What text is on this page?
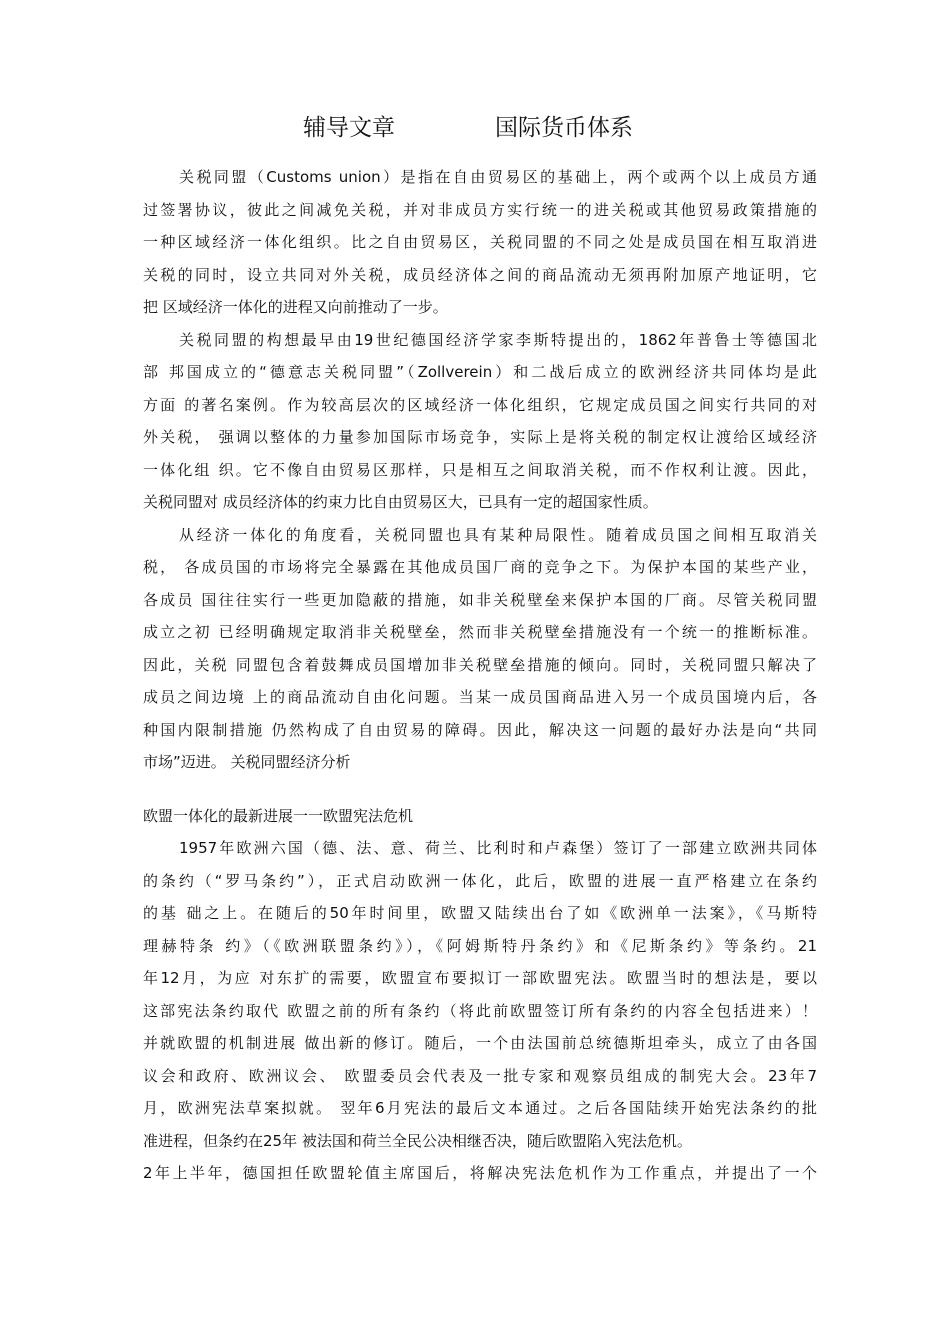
辅导文章	国际货币体系
关税同盟（Customs union）是指在自由贸易区的基础上，两个或两个以上成员方通
过签署协议，彼此之间减免关税，并对非成员方实行统一的进关税或其他贸易政策措施的
一种区域经济一体化组织。比之自由贸易区，关税同盟的不同之处是成员国在相互取消进
关税的同时，设立共同对外关税，成员经济体之间的商品流动无须再附加原产地证明，它
把 区域经济一体化的进程又向前推动了一步。
关税同盟的构想最早由19世纪德国经济学家李斯特提出的，1862年普鲁士等德国北
部 邦国成立的“德意志关税同盟”（Zollverein）和二战后成立的欧洲经济共同体均是此
方面 的著名案例。作为较高层次的区域经济一体化组织，它规定成员国之间实行共同的对
外关税， 强调以整体的力量参加国际市场竞争，实际上是将关税的制定权让渡给区域经济
一体化组 织。它不像自由贸易区那样，只是相互之间取消关税，而不作权利让渡。因此，
关税同盟对 成员经济体的约束力比自由贸易区大，已具有一定的超国家性质。
从经济一体化的角度看，关税同盟也具有某种局限性。随着成员国之间相互取消关
税， 各成员国的市场将完全暴露在其他成员国厂商的竞争之下。为保护本国的某些产业，
各成员 国往往实行一些更加隐蔽的措施，如非关税壁垒来保护本国的厂商。尽管关税同盟
成立之初 已经明确规定取消非关税壁垒，然而非关税壁垒措施没有一个统一的推断标准。
因此，关税 同盟包含着鼓舞成员国增加非关税壁垒措施的倾向。同时，关税同盟只解决了
成员之间边境 上的商品流动自由化问题。当某一成员国商品进入另一个成员国境内后，各
种国内限制措施 仍然构成了自由贸易的障碍。因此，解决这一问题的最好办法是向“共同
市场”迈进。 关税同盟经济分析
欧盟一体化的最新进展一一欧盟宪法危机
1957年欧洲六国（德、法、意、荷兰、比利时和卢森堡）签订了一部建立欧洲共同体
的条约（“罗马条约”），正式启动欧洲一体化，此后，欧盟的进展一直严格建立在条约
的基 础之上。在随后的50年时间里，欧盟又陆续出台了如《欧洲单一法案》，《马斯特
理赫特条 约》（《欧洲联盟条约》），《阿姆斯特丹条约》和《尼斯条约》等条约。21
年12月，为应 对东扩的需要，欧盟宣布要拟订一部欧盟宪法。欧盟当时的想法是，要以
这部宪法条约取代 欧盟之前的所有条约（将此前欧盟签订所有条约的内容全包括进来）！
并就欧盟的机制进展 做出新的修订。随后，一个由法国前总统德斯坦牵头，成立了由各国
议会和政府、欧洲议会、 欧盟委员会代表及一批专家和观察员组成的制宪大会。23年7
月，欧洲宪法草案拟就。 翌年6月宪法的最后文本通过。之后各国陆续开始宪法条约的批
准进程，但条约在25年 被法国和荷兰全民公决相继否决，随后欧盟陷入宪法危机。
2年上半年，德国担任欧盟轮值主席国后，将解决宪法危机作为工作重点，并提出了一个
